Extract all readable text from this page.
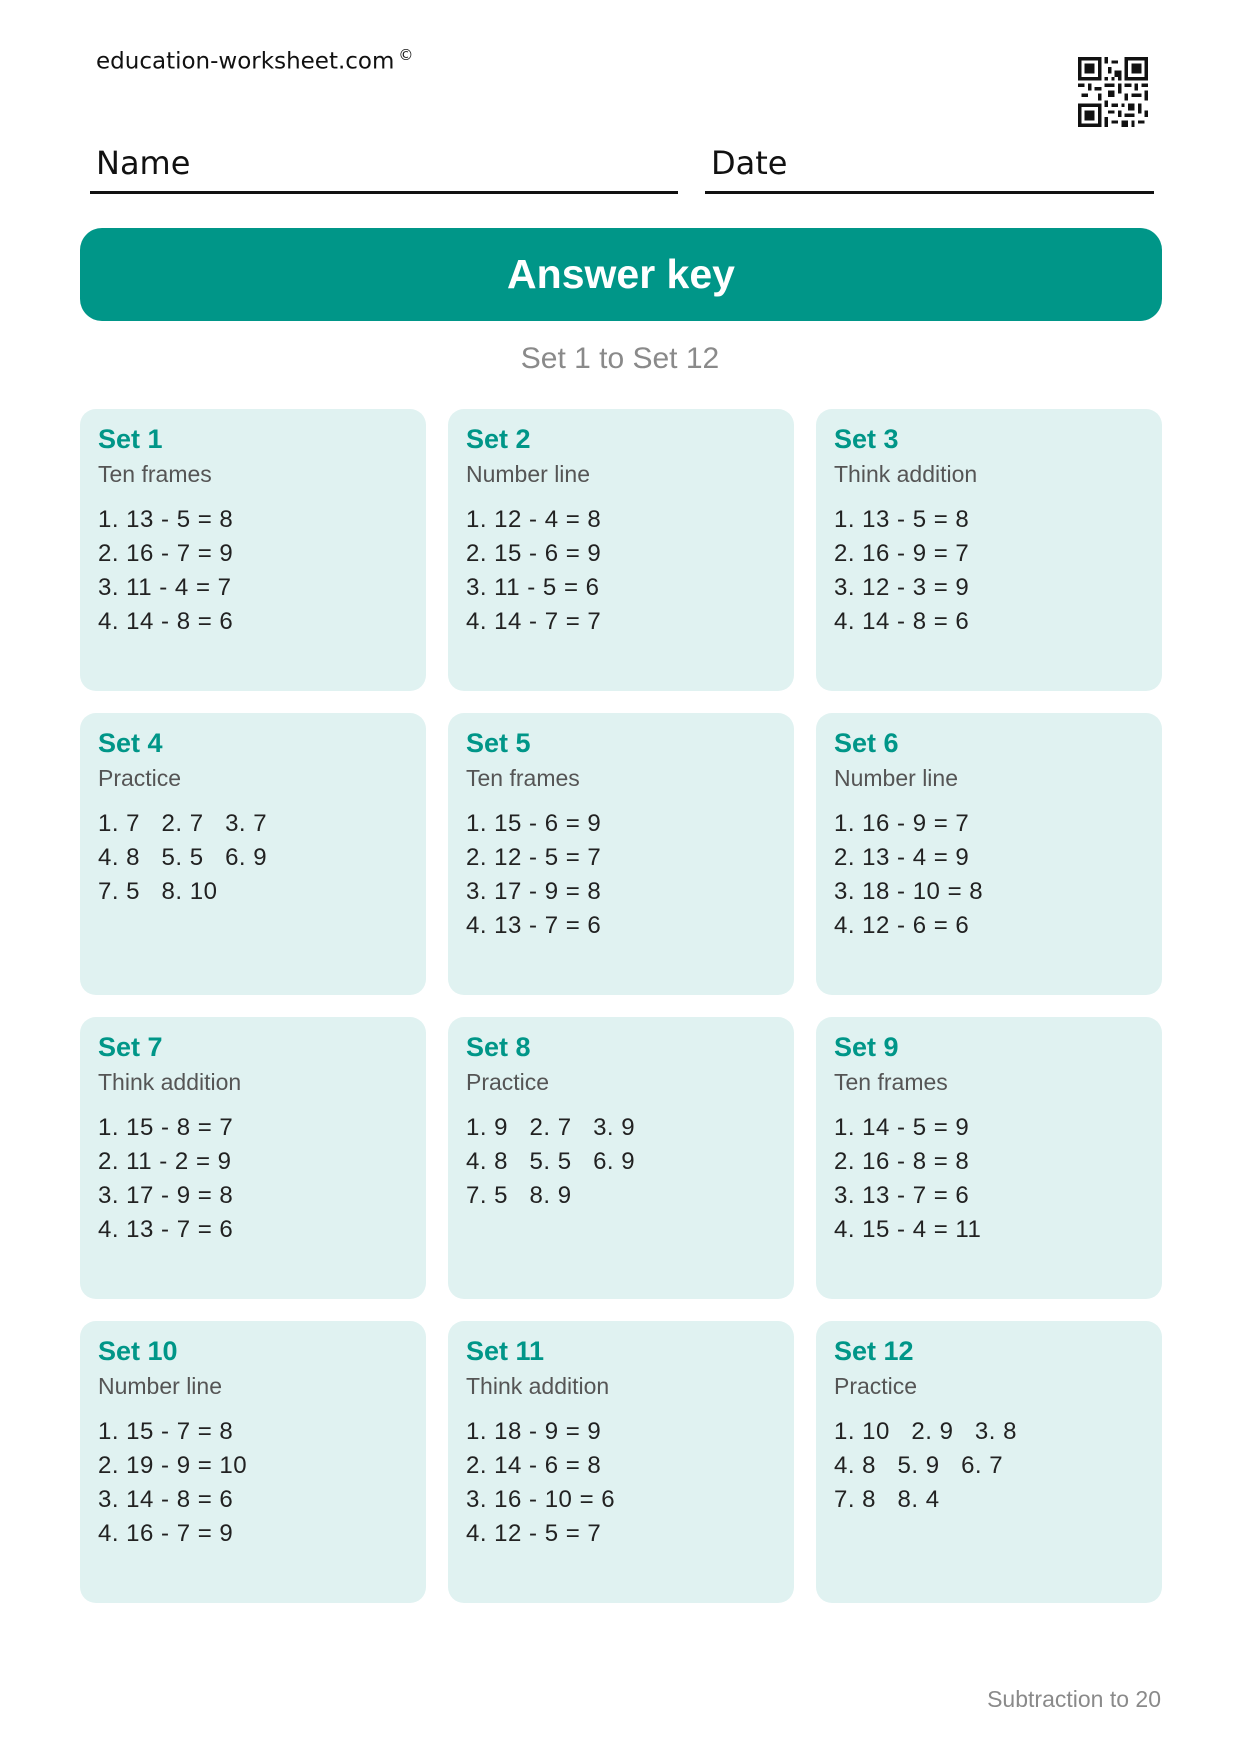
education-worksheet.com ©
Name	Date
Answer key
Set 1 to Set 12
Set 1
Ten frames
1. 13 - 5 = 8
2. 16 - 7 = 9
3. 11 - 4 = 7
4. 14 - 8 = 6
Set 2
Number line
1. 12 - 4 = 8
2. 15 - 6 = 9
3. 11 - 5 = 6
4. 14 - 7 = 7
Set 3
Think addition
1. 13 - 5 = 8
2. 16 - 9 = 7
3. 12 - 3 = 9
4. 14 - 8 = 6
Set 4
Practice
1. 7   2. 7   3. 7
4. 8   5. 5   6. 9
7. 5   8. 10
Set 5
Ten frames
1. 15 - 6 = 9
2. 12 - 5 = 7
3. 17 - 9 = 8
4. 13 - 7 = 6
Set 6
Number line
1. 16 - 9 = 7
2. 13 - 4 = 9
3. 18 - 10 = 8
4. 12 - 6 = 6
Set 7
Think addition
1. 15 - 8 = 7
2. 11 - 2 = 9
3. 17 - 9 = 8
4. 13 - 7 = 6
Set 8
Practice
1. 9   2. 7   3. 9
4. 8   5. 5   6. 9
7. 5   8. 9
Set 9
Ten frames
1. 14 - 5 = 9
2. 16 - 8 = 8
3. 13 - 7 = 6
4. 15 - 4 = 11
Set 10
Number line
1. 15 - 7 = 8
2. 19 - 9 = 10
3. 14 - 8 = 6
4. 16 - 7 = 9
Set 11
Think addition
1. 18 - 9 = 9
2. 14 - 6 = 8
3. 16 - 10 = 6
4. 12 - 5 = 7
Set 12
Practice
1. 10   2. 9   3. 8
4. 8   5. 9   6. 7
7. 8   8. 4
Subtraction to 20
